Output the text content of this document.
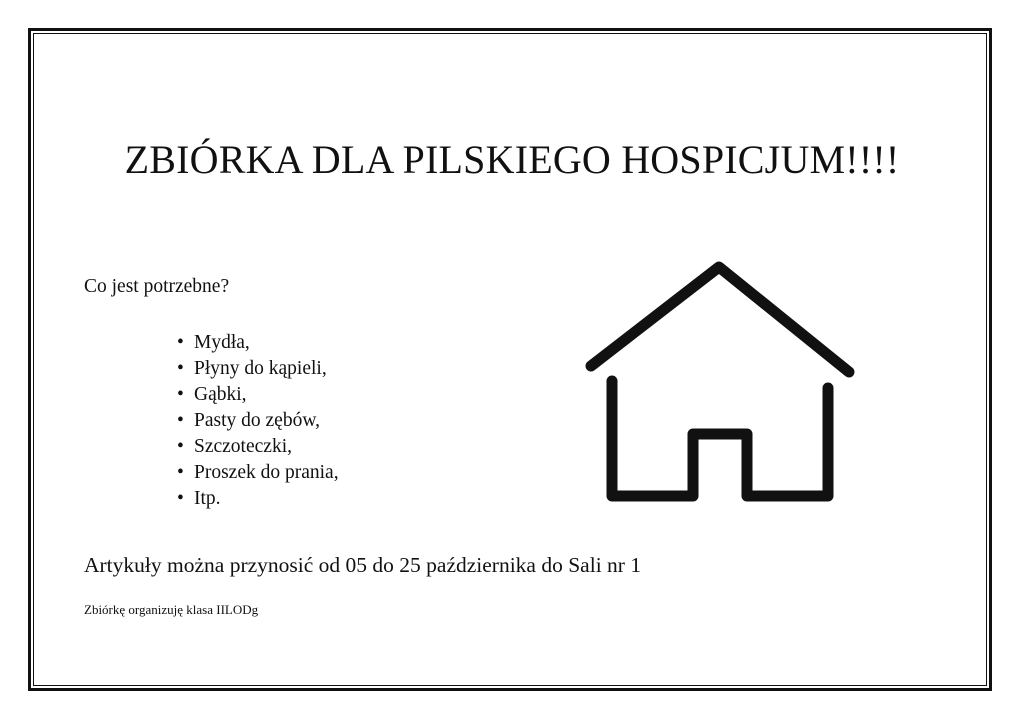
ZBIÓRKA DLA PILSKIEGO HOSPICJUM!!!!
Co jest potrzebne?
• Mydła,
• Płyny do kąpieli,
• Gąbki,
• Pasty do zębów,
• Szczoteczki,
• Proszek do prania,
• Itp.
Artykuły można przynosić od 05 do 25 października do Sali nr 1
Zbiórkę organizuję klasa IILODg
